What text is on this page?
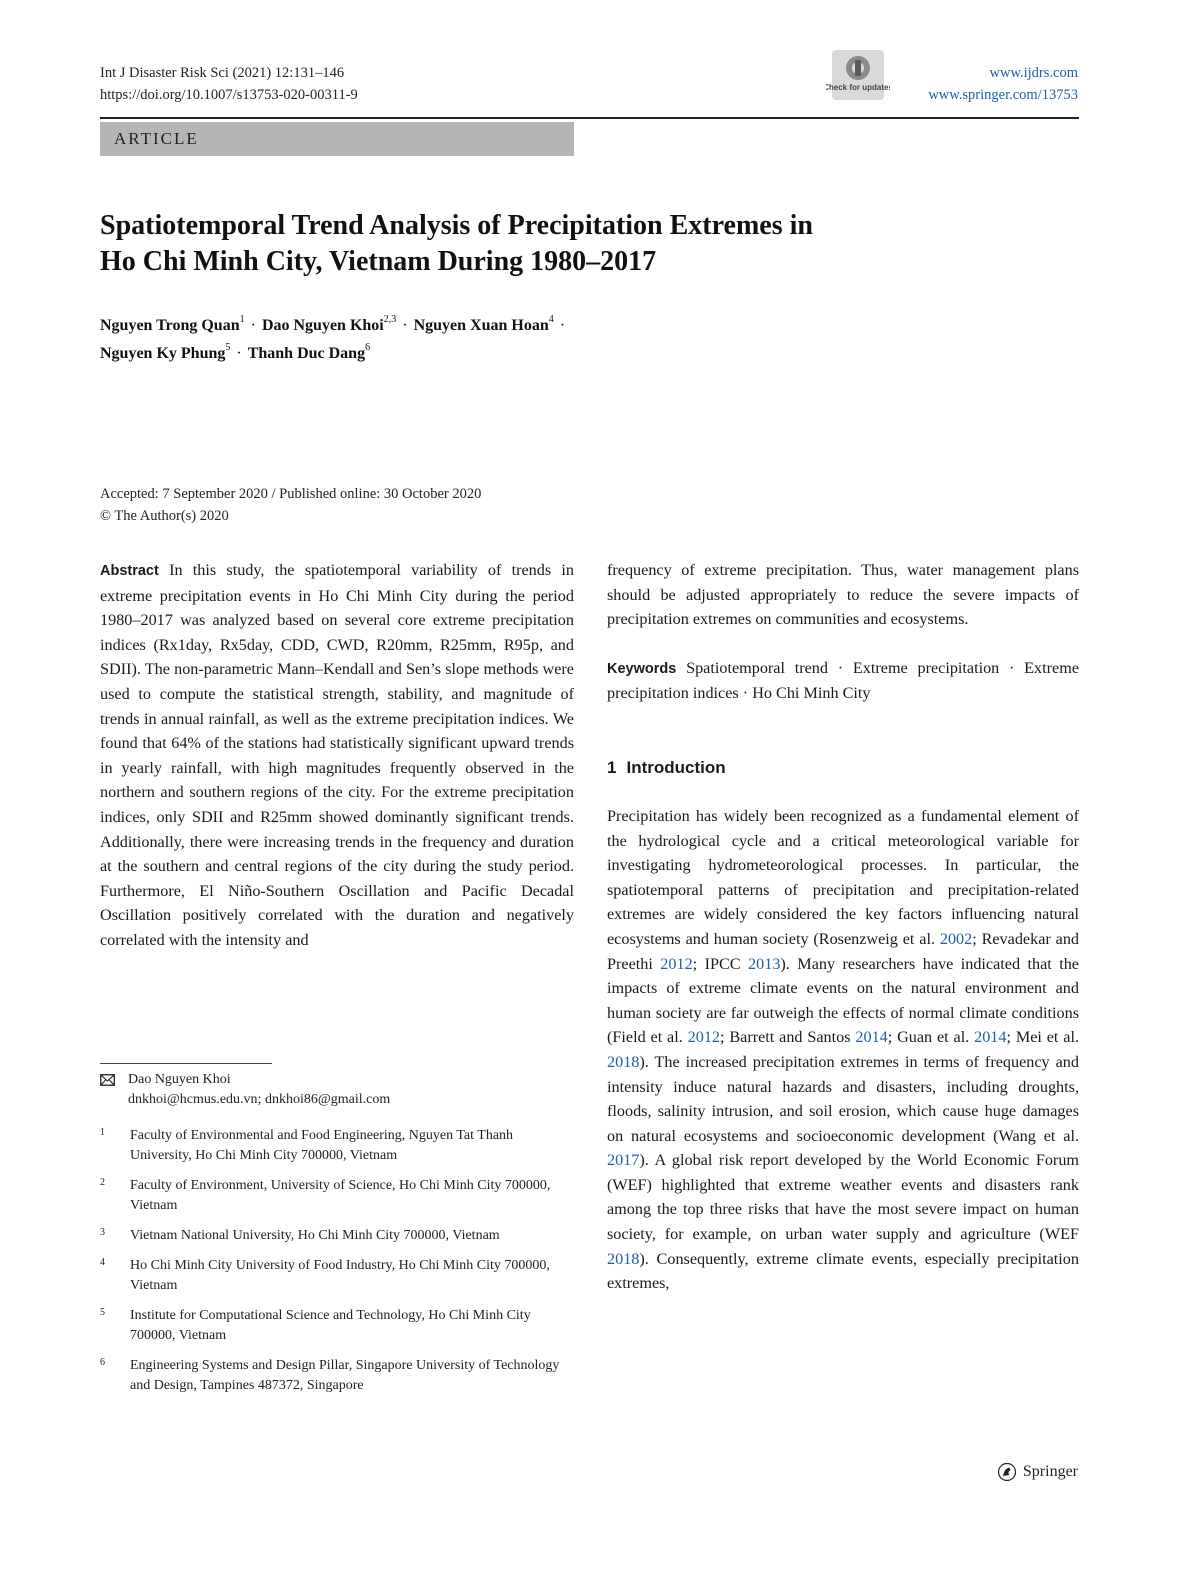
Int J Disaster Risk Sci (2021) 12:131–146
https://doi.org/10.1007/s13753-020-00311-9	Check for updates
www.ijdrs.com
www.springer.com/13753
ARTICLE
Spatiotemporal Trend Analysis of Precipitation Extremes in
Ho Chi Minh City, Vietnam During 1980–2017
Nguyen Trong Quan$^1$ · Dao Nguyen Khoi$^{2,3}$ · Nguyen Xuan Hoan$^4$ ·
Nguyen Ky Phung$^5$ · Thanh Duc Dang$^6$
Accepted: 7 September 2020 / Published online: 30 October 2020
© The Author(s) 2020
Abstract In this study, the spatiotemporal variability of trends in extreme precipitation events in Ho Chi Minh City during the period 1980–2017 was analyzed based on several core extreme precipitation indices (Rx1day, Rx5day, CDD, CWD, R20mm, R25mm, R95p, and SDII). The non-parametric Mann–Kendall and Sen’s slope methods were used to compute the statistical strength, stability, and magnitude of trends in annual rainfall, as well as the extreme precipitation indices. We found that 64% of the stations had statistically significant upward trends in yearly rainfall, with high magnitudes frequently observed in the northern and southern regions of the city. For the extreme precipitation indices, only SDII and R25mm showed dominantly significant trends. Additionally, there were increasing trends in the frequency and duration at the southern and central regions of the city during the study period. Furthermore, El Niño-Southern Oscillation and Pacific Decadal Oscillation positively correlated with the duration and negatively correlated with the intensity and
Dao Nguyen Khoi
dnkhoi@hcmus.edu.vn; dnkhoi86@gmail.com
1	Faculty of Environmental and Food Engineering, Nguyen Tat Thanh University, Ho Chi Minh City 700000, Vietnam
2	Faculty of Environment, University of Science, Ho Chi Minh City 700000, Vietnam
3	Vietnam National University, Ho Chi Minh City 700000, Vietnam
4	Ho Chi Minh City University of Food Industry, Ho Chi Minh City 700000, Vietnam
5	Institute for Computational Science and Technology, Ho Chi Minh City 700000, Vietnam
6	Engineering Systems and Design Pillar, Singapore University of Technology and Design, Tampines 487372, Singapore
frequency of extreme precipitation. Thus, water management plans should be adjusted appropriately to reduce the severe impacts of precipitation extremes on communities and ecosystems.
Keywords Spatiotemporal trend · Extreme precipitation · Extreme precipitation indices · Ho Chi Minh City
1 Introduction
Precipitation has widely been recognized as a fundamental element of the hydrological cycle and a critical meteorological variable for investigating hydrometeorological processes. In particular, the spatiotemporal patterns of precipitation and precipitation-related extremes are widely considered the key factors influencing natural ecosystems and human society (Rosenzweig et al. 2002; Revadekar and Preethi 2012; IPCC 2013). Many researchers have indicated that the impacts of extreme climate events on the natural environment and human society are far outweigh the effects of normal climate conditions (Field et al. 2012; Barrett and Santos 2014; Guan et al. 2014; Mei et al. 2018). The increased precipitation extremes in terms of frequency and intensity induce natural hazards and disasters, including droughts, floods, salinity intrusion, and soil erosion, which cause huge damages on natural ecosystems and socioeconomic development (Wang et al. 2017). A global risk report developed by the World Economic Forum (WEF) highlighted that extreme weather events and disasters rank among the top three risks that have the most severe impact on human society, for example, on urban water supply and agriculture (WEF 2018). Consequently, extreme climate events, especially precipitation extremes,
Springer
